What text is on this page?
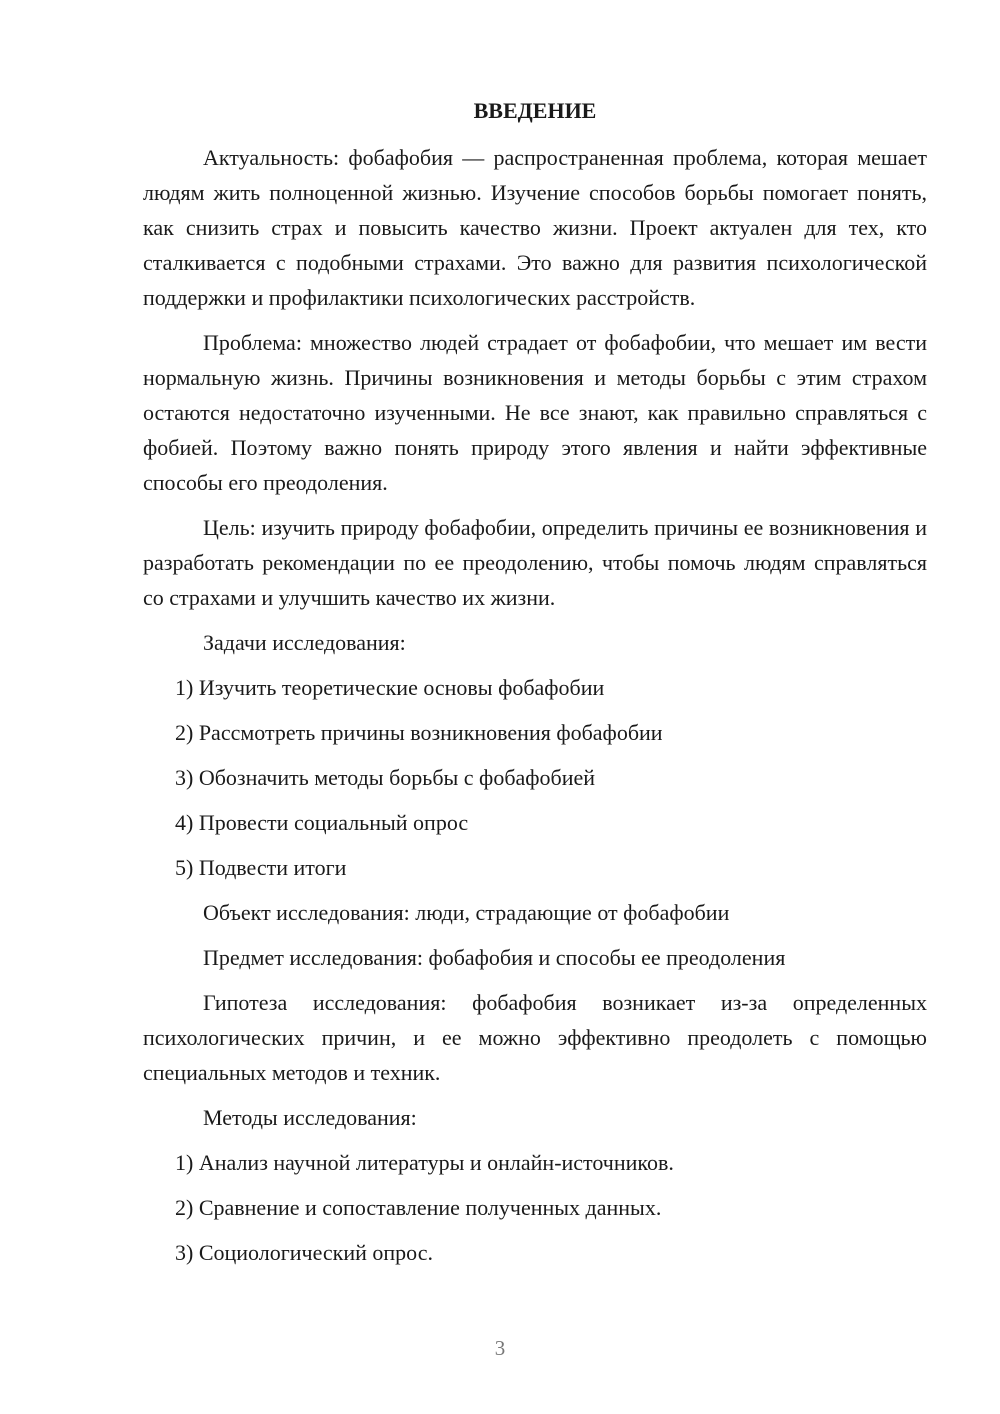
ВВЕДЕНИЕ

Актуальность: фобафобия — распространенная проблема, которая мешает людям жить полноценной жизнью. Изучение способов борьбы помогает понять, как снизить страх и повысить качество жизни. Проект актуален для тех, кто сталкивается с подобными страхами. Это важно для развития психологической поддержки и профилактики психологических расстройств.

Проблема: множество людей страдает от фобафобии, что мешает им вести нормальную жизнь. Причины возникновения и методы борьбы с этим страхом остаются недостаточно изученными. Не все знают, как правильно справляться с фобией. Поэтому важно понять природу этого явления и найти эффективные способы его преодоления.

Цель: изучить природу фобафобии, определить причины ее возникновения и разработать рекомендации по ее преодолению, чтобы помочь людям справляться со страхами и улучшить качество их жизни.

Задачи исследования:
1) Изучить теоретические основы фобафобии
2) Рассмотреть причины возникновения фобафобии
3) Обозначить методы борьбы с фобафобией
4) Провести социальный опрос
5) Подвести итоги
Объект исследования: люди, страдающие от фобафобии
Предмет исследования: фобафобия и способы ее преодоления

Гипотеза исследования: фобафобия возникает из-за определенных психологических причин, и ее можно эффективно преодолеть с помощью специальных методов и техник.

Методы исследования:
1) Анализ научной литературы и онлайн-источников.
2) Сравнение и сопоставление полученных данных.
3) Социологический опрос.
3
